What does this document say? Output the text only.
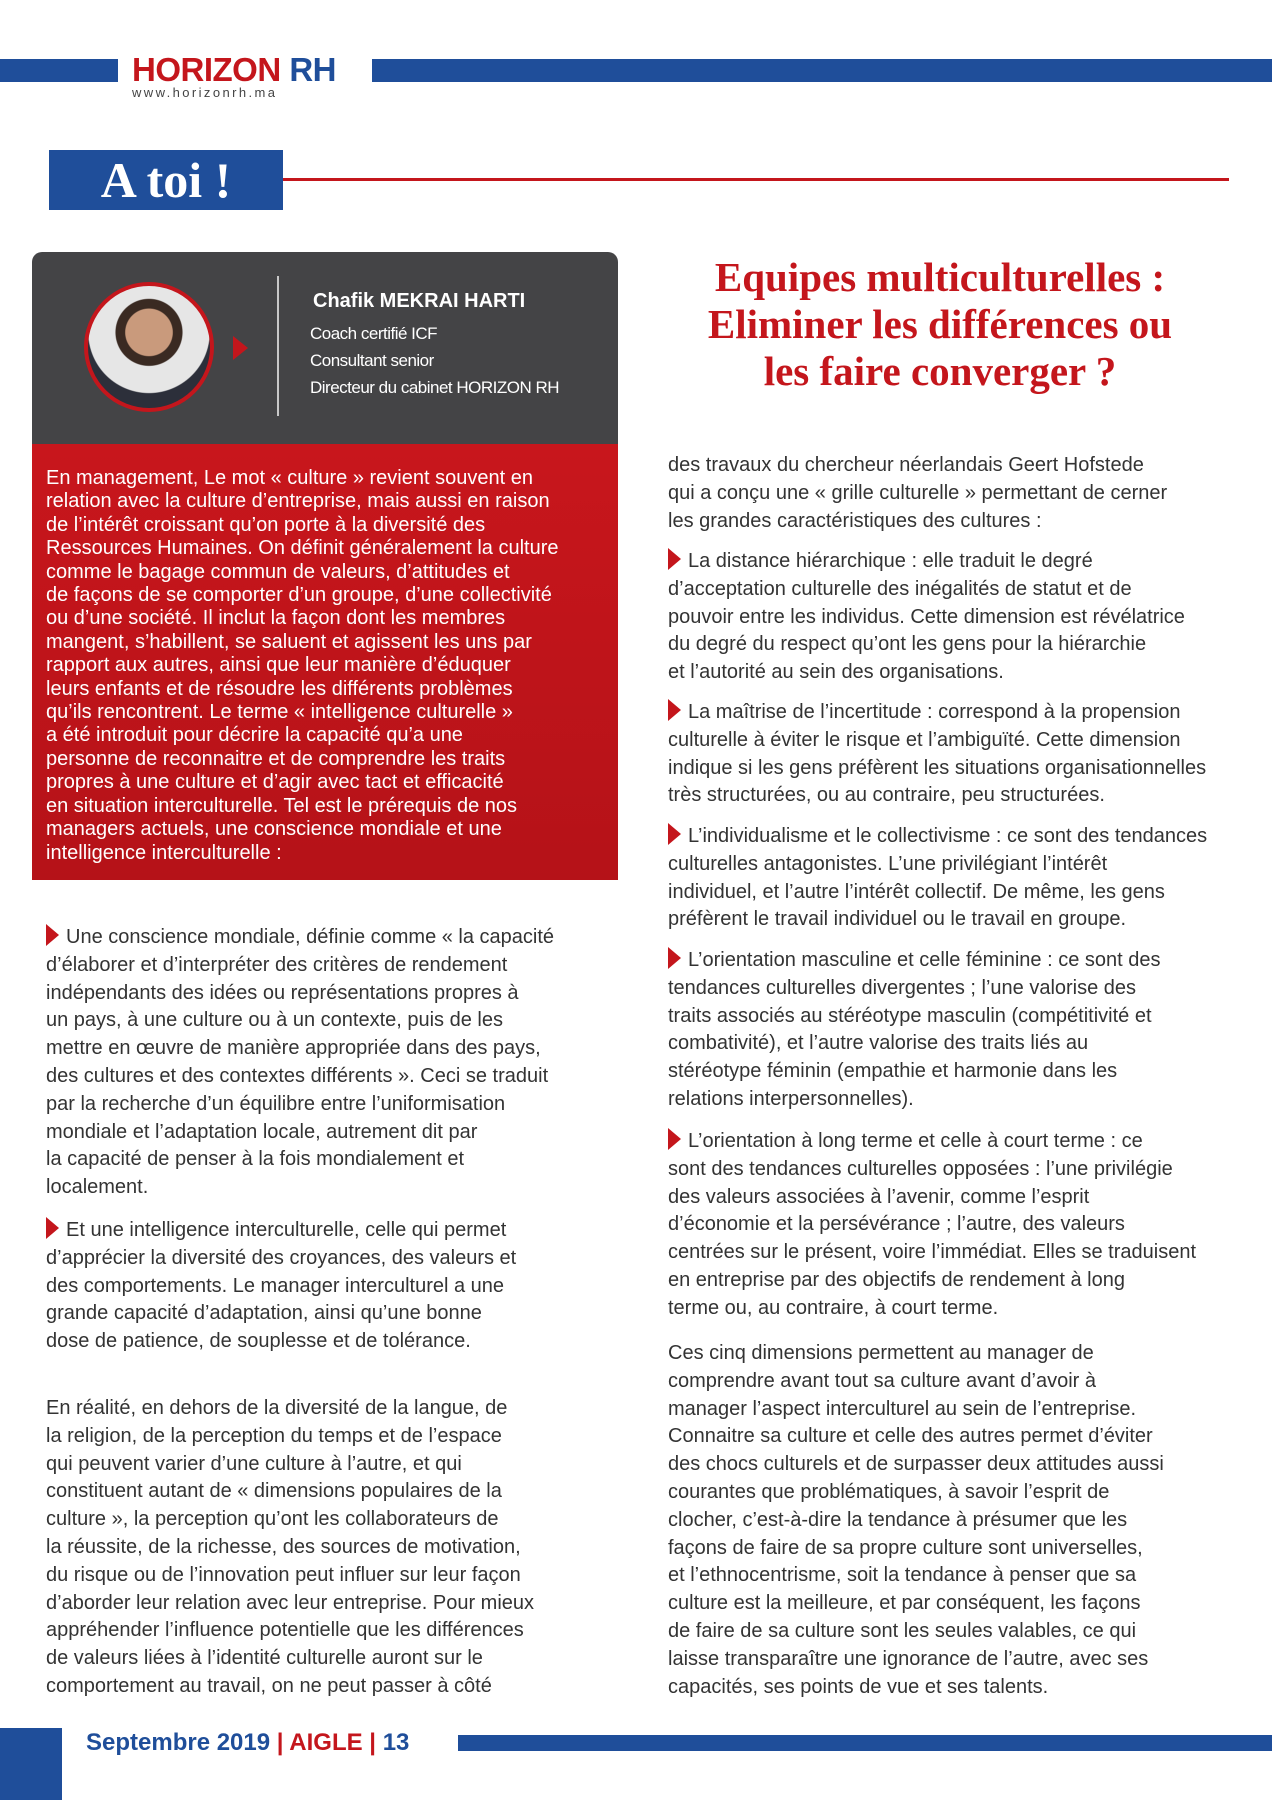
HORIZON RH
www.horizonrh.ma
A toi !
Chafik MEKRAI HARTI
Coach certifié ICF
Consultant senior
Directeur du cabinet HORIZON RH
En management, Le mot « culture » revient souvent en
relation avec la culture d’entreprise, mais aussi en raison
de l’intérêt croissant qu’on porte à la diversité des
Ressources Humaines. On définit généralement la culture
comme le bagage commun de valeurs, d’attitudes et
de façons de se comporter d’un groupe, d’une collectivité
ou d’une société. Il inclut la façon dont les membres
mangent, s’habillent, se saluent et agissent les uns par
rapport aux autres, ainsi que leur manière d’éduquer
leurs enfants et de résoudre les différents problèmes
qu’ils rencontrent. Le terme « intelligence culturelle »
a été introduit pour décrire la capacité qu’a une
personne de reconnaitre et de comprendre les traits
propres à une culture et d’agir avec tact et efficacité
en situation interculturelle. Tel est le prérequis de nos
managers actuels, une conscience mondiale et une
intelligence interculturelle :
Equipes multiculturelles :
Eliminer les différences ou
les faire converger ?
Une conscience mondiale, définie comme « la capacité
d’élaborer et d’interpréter des critères de rendement
indépendants des idées ou représentations propres à
un pays, à une culture ou à un contexte, puis de les
mettre en œuvre de manière appropriée dans des pays,
des cultures et des contextes différents ». Ceci se traduit
par la recherche d’un équilibre entre l’uniformisation
mondiale et l’adaptation locale, autrement dit par
la capacité de penser à la fois mondialement et
localement.
Et une intelligence interculturelle, celle qui permet
d’apprécier la diversité des croyances, des valeurs et
des comportements. Le manager interculturel a une
grande capacité d’adaptation, ainsi qu’une bonne
dose de patience, de souplesse et de tolérance.
En réalité, en dehors de la diversité de la langue, de
la religion, de la perception du temps et de l’espace
qui peuvent varier d’une culture à l’autre, et qui
constituent autant de « dimensions populaires de la
culture », la perception qu’ont les collaborateurs de
la réussite, de la richesse, des sources de motivation,
du risque ou de l’innovation peut influer sur leur façon
d’aborder leur relation avec leur entreprise. Pour mieux
appréhender l’influence potentielle que les différences
de valeurs liées à l’identité culturelle auront sur le
comportement au travail, on ne peut passer à côté
des travaux du chercheur néerlandais Geert Hofstede
qui a conçu une « grille culturelle » permettant de cerner
les grandes caractéristiques des cultures :
La distance hiérarchique : elle traduit le degré
d’acceptation culturelle des inégalités de statut et de
pouvoir entre les individus. Cette dimension est révélatrice
du degré du respect qu’ont les gens pour la hiérarchie
et l’autorité au sein des organisations.
La maîtrise de l’incertitude : correspond à la propension
culturelle à éviter le risque et l’ambiguïté. Cette dimension
indique si les gens préfèrent les situations organisationnelles
très structurées, ou au contraire, peu structurées.
L’individualisme et le collectivisme : ce sont des tendances
culturelles antagonistes. L’une privilégiant l’intérêt
individuel, et l’autre l’intérêt collectif. De même, les gens
préfèrent le travail individuel ou le travail en groupe.
L’orientation masculine et celle féminine : ce sont des
tendances culturelles divergentes ; l’une valorise des
traits associés au stéréotype masculin (compétitivité et
combativité), et l’autre valorise des traits liés au
stéréotype féminin (empathie et harmonie dans les
relations interpersonnelles).
L’orientation à long terme et celle à court terme : ce
sont des tendances culturelles opposées : l’une privilégie
des valeurs associées à l’avenir, comme l’esprit
d’économie et la persévérance ; l’autre, des valeurs
centrées sur le présent, voire l’immédiat. Elles se traduisent
en entreprise par des objectifs de rendement à long
terme ou, au contraire, à court terme.
Ces cinq dimensions permettent au manager de
comprendre avant tout sa culture avant d’avoir à
manager l’aspect interculturel au sein de l’entreprise.
Connaitre sa culture et celle des autres permet d’éviter
des chocs culturels et de surpasser deux attitudes aussi
courantes que problématiques, à savoir l’esprit de
clocher, c’est-à-dire la tendance à présumer que les
façons de faire de sa propre culture sont universelles,
et l’ethnocentrisme, soit la tendance à penser que sa
culture est la meilleure, et par conséquent, les façons
de faire de sa culture sont les seules valables, ce qui
laisse transparaître une ignorance de l’autre, avec ses
capacités, ses points de vue et ses talents.
Septembre 2019 | AIGLE | 13
